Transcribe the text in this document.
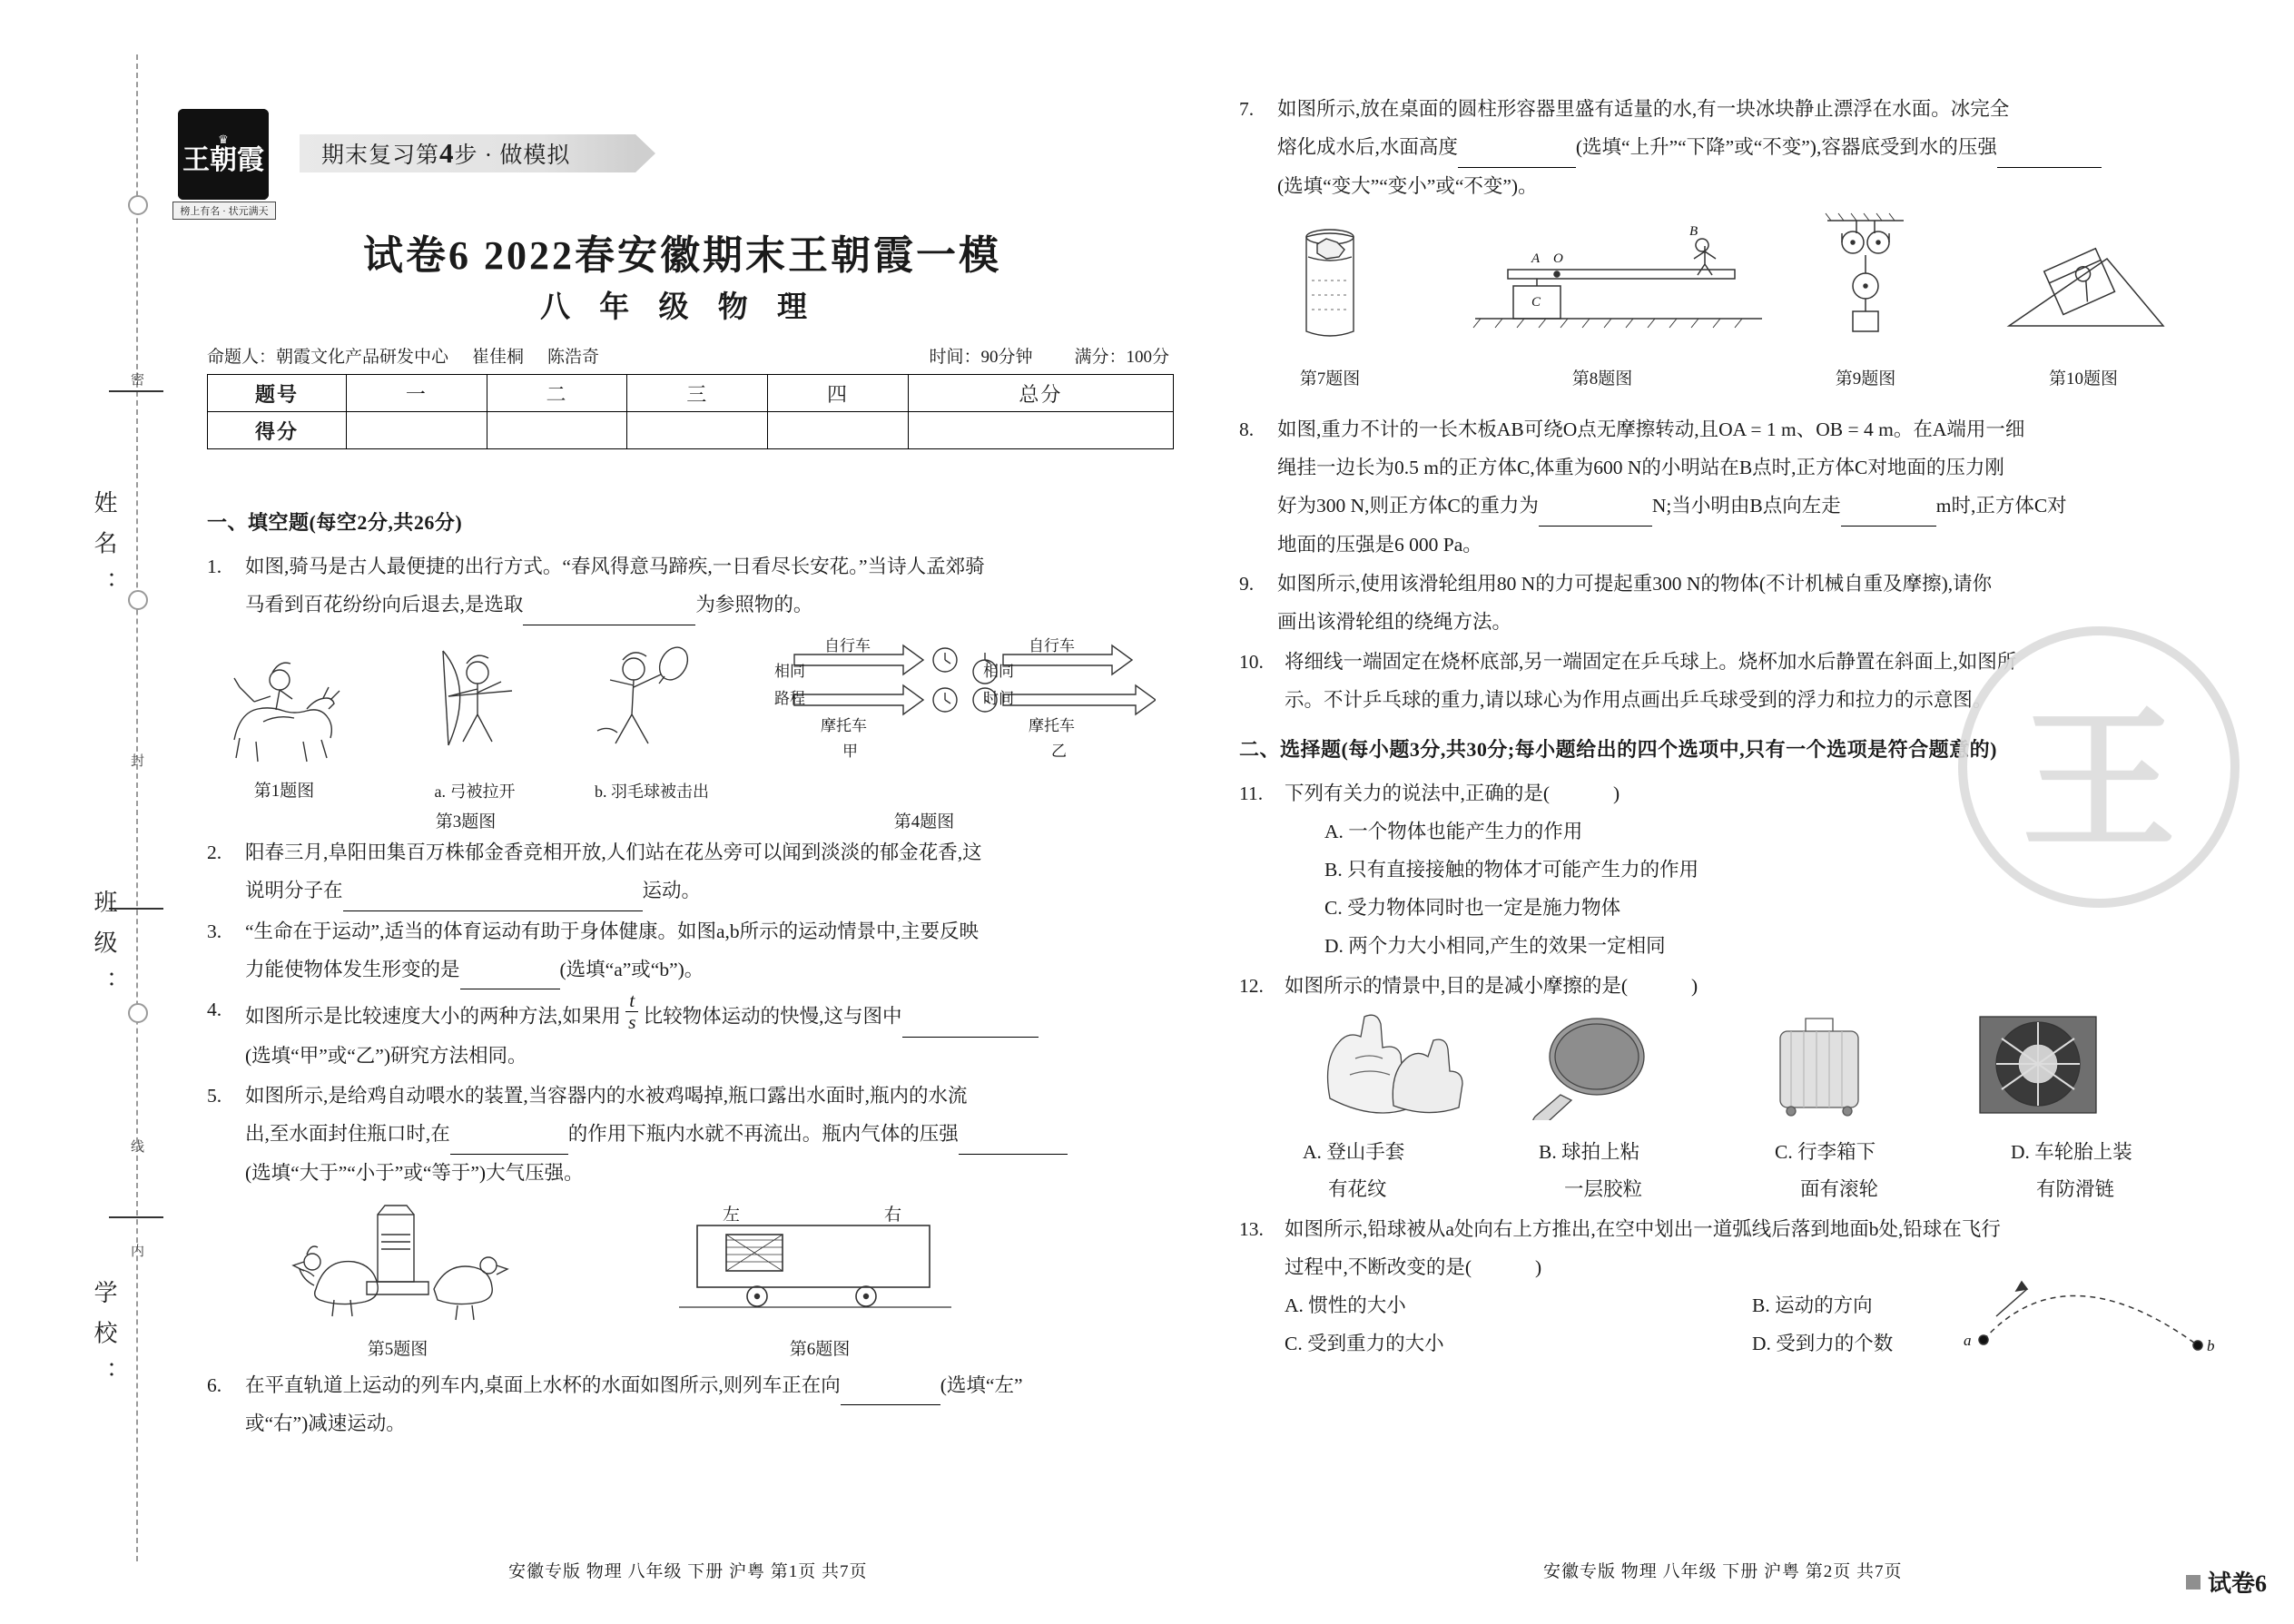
姓 名 ：
班 级 ：
学 校 ：
密
封
线
内
♛
王朝霞
榜上有名 · 状元满天
期末复习第 4 步 · 做模拟
试卷6 2022春安徽期末王朝霞一模
八 年 级 物 理
命题人：朝霞文化产品研发中心 崔佳桐 陈浩奇	时间：90分钟 满分：100分
题号	一	二	三	四	总分
得分					
一、填空题(每空2分,共26分)
1.	如图,骑马是古人最便捷的出行方式。“春风得意马蹄疾,一日看尽长安花。”当诗人孟郊骑
马看到百花纷纷向后退去,是选取	为参照物的。
第1题图	a. 弓被拉开	b. 羽毛球被击出
第3题图
自行车
相同
路程
摩托车
甲
自行车
相同
时间
摩托车
乙
第4题图
2.	阳春三月,阜阳田集百万株郁金香竞相开放,人们站在花丛旁可以闻到淡淡的郁金花香,这
说明分子在	运动。
3.	“生命在于运动”,适当的体育运动有助于身体健康。如图a,b所示的运动情景中,主要反映
力能使物体发生形变的是	(选填“a”或“b”)。
4.	如图所示是比较速度大小的两种方法,如果用 $\frac{t}{s}$ 比较物体运动的快慢,这与图中
(选填“甲”或“乙”)研究方法相同。
5.	如图所示,是给鸡自动喂水的装置,当容器内的水被鸡喝掉,瓶口露出水面时,瓶内的水流
出,至水面封住瓶口时,在	的作用下瓶内水就不再流出。瓶内气体的压强
(选填“大于”“小于”或“等于”)大气压强。
第5题图
左	右
第6题图
6.	在平直轨道上运动的列车内,桌面上水杯的水面如图所示,则列车正在向	(选填“左”
或“右”)减速运动。
7.	如图所示,放在桌面的圆柱形容器里盛有适量的水,有一块冰块静止漂浮在水面。冰完全
熔化成水后,水面高度	(选填“上升”“下降”或“不变”),容器底受到水的压强
(选填“变大”“变小”或“不变”)。
第7题图
A O
B
C
第8题图	第9题图	第10题图
8.	如图,重力不计的一长木板AB可绕O点无摩擦转动,且OA = 1 m、OB = 4 m。在A端用一细
绳挂一边长为0.5 m的正方体C,体重为600 N的小明站在B点时,正方体C对地面的压力刚
好为300 N,则正方体C的重力为	N;当小明由B点向左走	m时,正方体C对
地面的压强是6 000 Pa。
9.	如图所示,使用该滑轮组用80 N的力可提起重300 N的物体(不计机械自重及摩擦),请你
画出该滑轮组的绕绳方法。
10.	将细线一端固定在烧杯底部,另一端固定在乒乓球上。烧杯加水后静置在斜面上,如图所
示。不计乒乓球的重力,请以球心为作用点画出乒乓球受到的浮力和拉力的示意图。
二、选择题(每小题3分,共30分;每小题给出的四个选项中,只有一个选项是符合题意的)
11.	下列有关力的说法中,正确的是(	)
A. 一个物体也能产生力的作用
B. 只有直接接触的物体才可能产生力的作用
C. 受力物体同时也一定是施力物体
D. 两个力大小相同,产生的效果一定相同
12.	如图所示的情景中,目的是减小摩擦的是(	)
A. 登山手套	B. 球拍上粘	C. 行李箱下	D. 车轮胎上装
有花纹	一层胶粒	面有滚轮	有防滑链
13.	如图所示,铅球被从a处向右上方推出,在空中划出一道弧线后落到地面b处,铅球在飞行
过程中,不断改变的是(	)
A. 惯性的大小	B. 运动的方向
C. 受到重力的大小	D. 受到力的个数	a	b
王
安徽专版 物理 八年级 下册 沪粤 第1页 共7页	安徽专版 物理 八年级 下册 沪粤 第2页 共7页	试卷6
